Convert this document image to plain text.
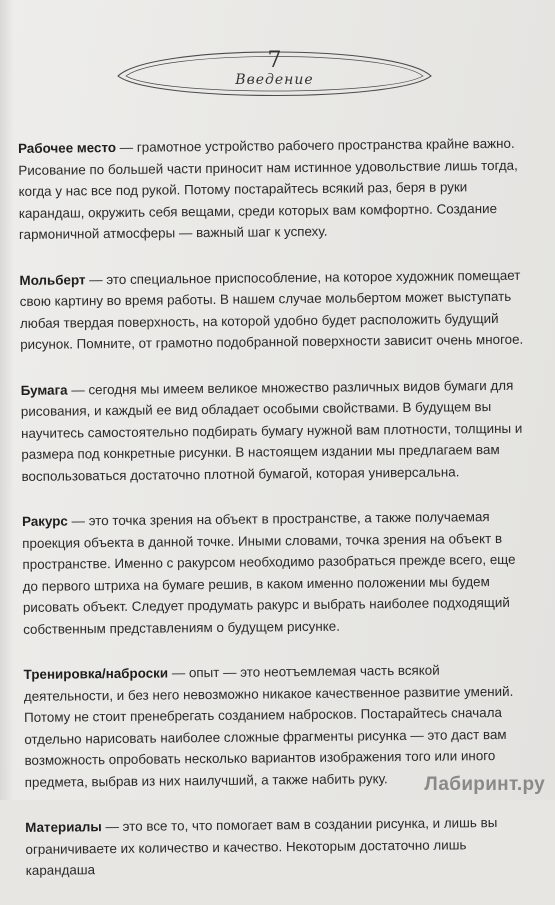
7
Введение

Рабочее место — грамотное устройство рабочего пространства крайне важно. Рисование по большей части приносит нам истинное удовольствие лишь тогда, когда у нас все под рукой. Потому постарайтесь всякий раз, беря в руки карандаш, окружить себя вещами, среди которых вам комфортно. Создание гармоничной атмосферы — важный шаг к успеху.

Мольберт — это специальное приспособление, на которое художник помещает свою картину во время работы. В нашем случае мольбертом может выступать любая твердая поверхность, на которой удобно будет расположить будущий рисунок. Помните, от грамотно подобранной поверхности зависит очень многое.

Бумага — сегодня мы имеем великое множество различных видов бумаги для рисования, и каждый ее вид обладает особыми свойствами. В будущем вы научитесь самостоятельно подбирать бумагу нужной вам плотности, толщины и размера под конкретные рисунки. В настоящем издании мы предлагаем вам воспользоваться достаточно плотной бумагой, которая универсальна.

Ракурс — это точка зрения на объект в пространстве, а также получаемая проекция объекта в данной точке. Иными словами, точка зрения на объект в пространстве. Именно с ракурсом необходимо разобраться прежде всего, еще до первого штриха на бумаге решив, в каком именно положении мы будем рисовать объект. Следует продумать ракурс и выбрать наиболее подходящий собственным представлениям о будущем рисунке.

Тренировка/наброски — опыт — это неотъемлемая часть всякой деятельности, и без него невозможно никакое качественное развитие умений. Потому не стоит пренебрегать созданием набросков. Постарайтесь сначала отдельно нарисовать наиболее сложные фрагменты рисунка — это даст вам возможность опробовать несколько вариантов изображения того или иного предмета, выбрав из них наилучший, а также набить руку.

Материалы — это все то, что помогает вам в создании рисунка, и лишь вы ограничиваете их количество и качество. Некоторым достаточно лишь карандаша

Лабиринт.ру
